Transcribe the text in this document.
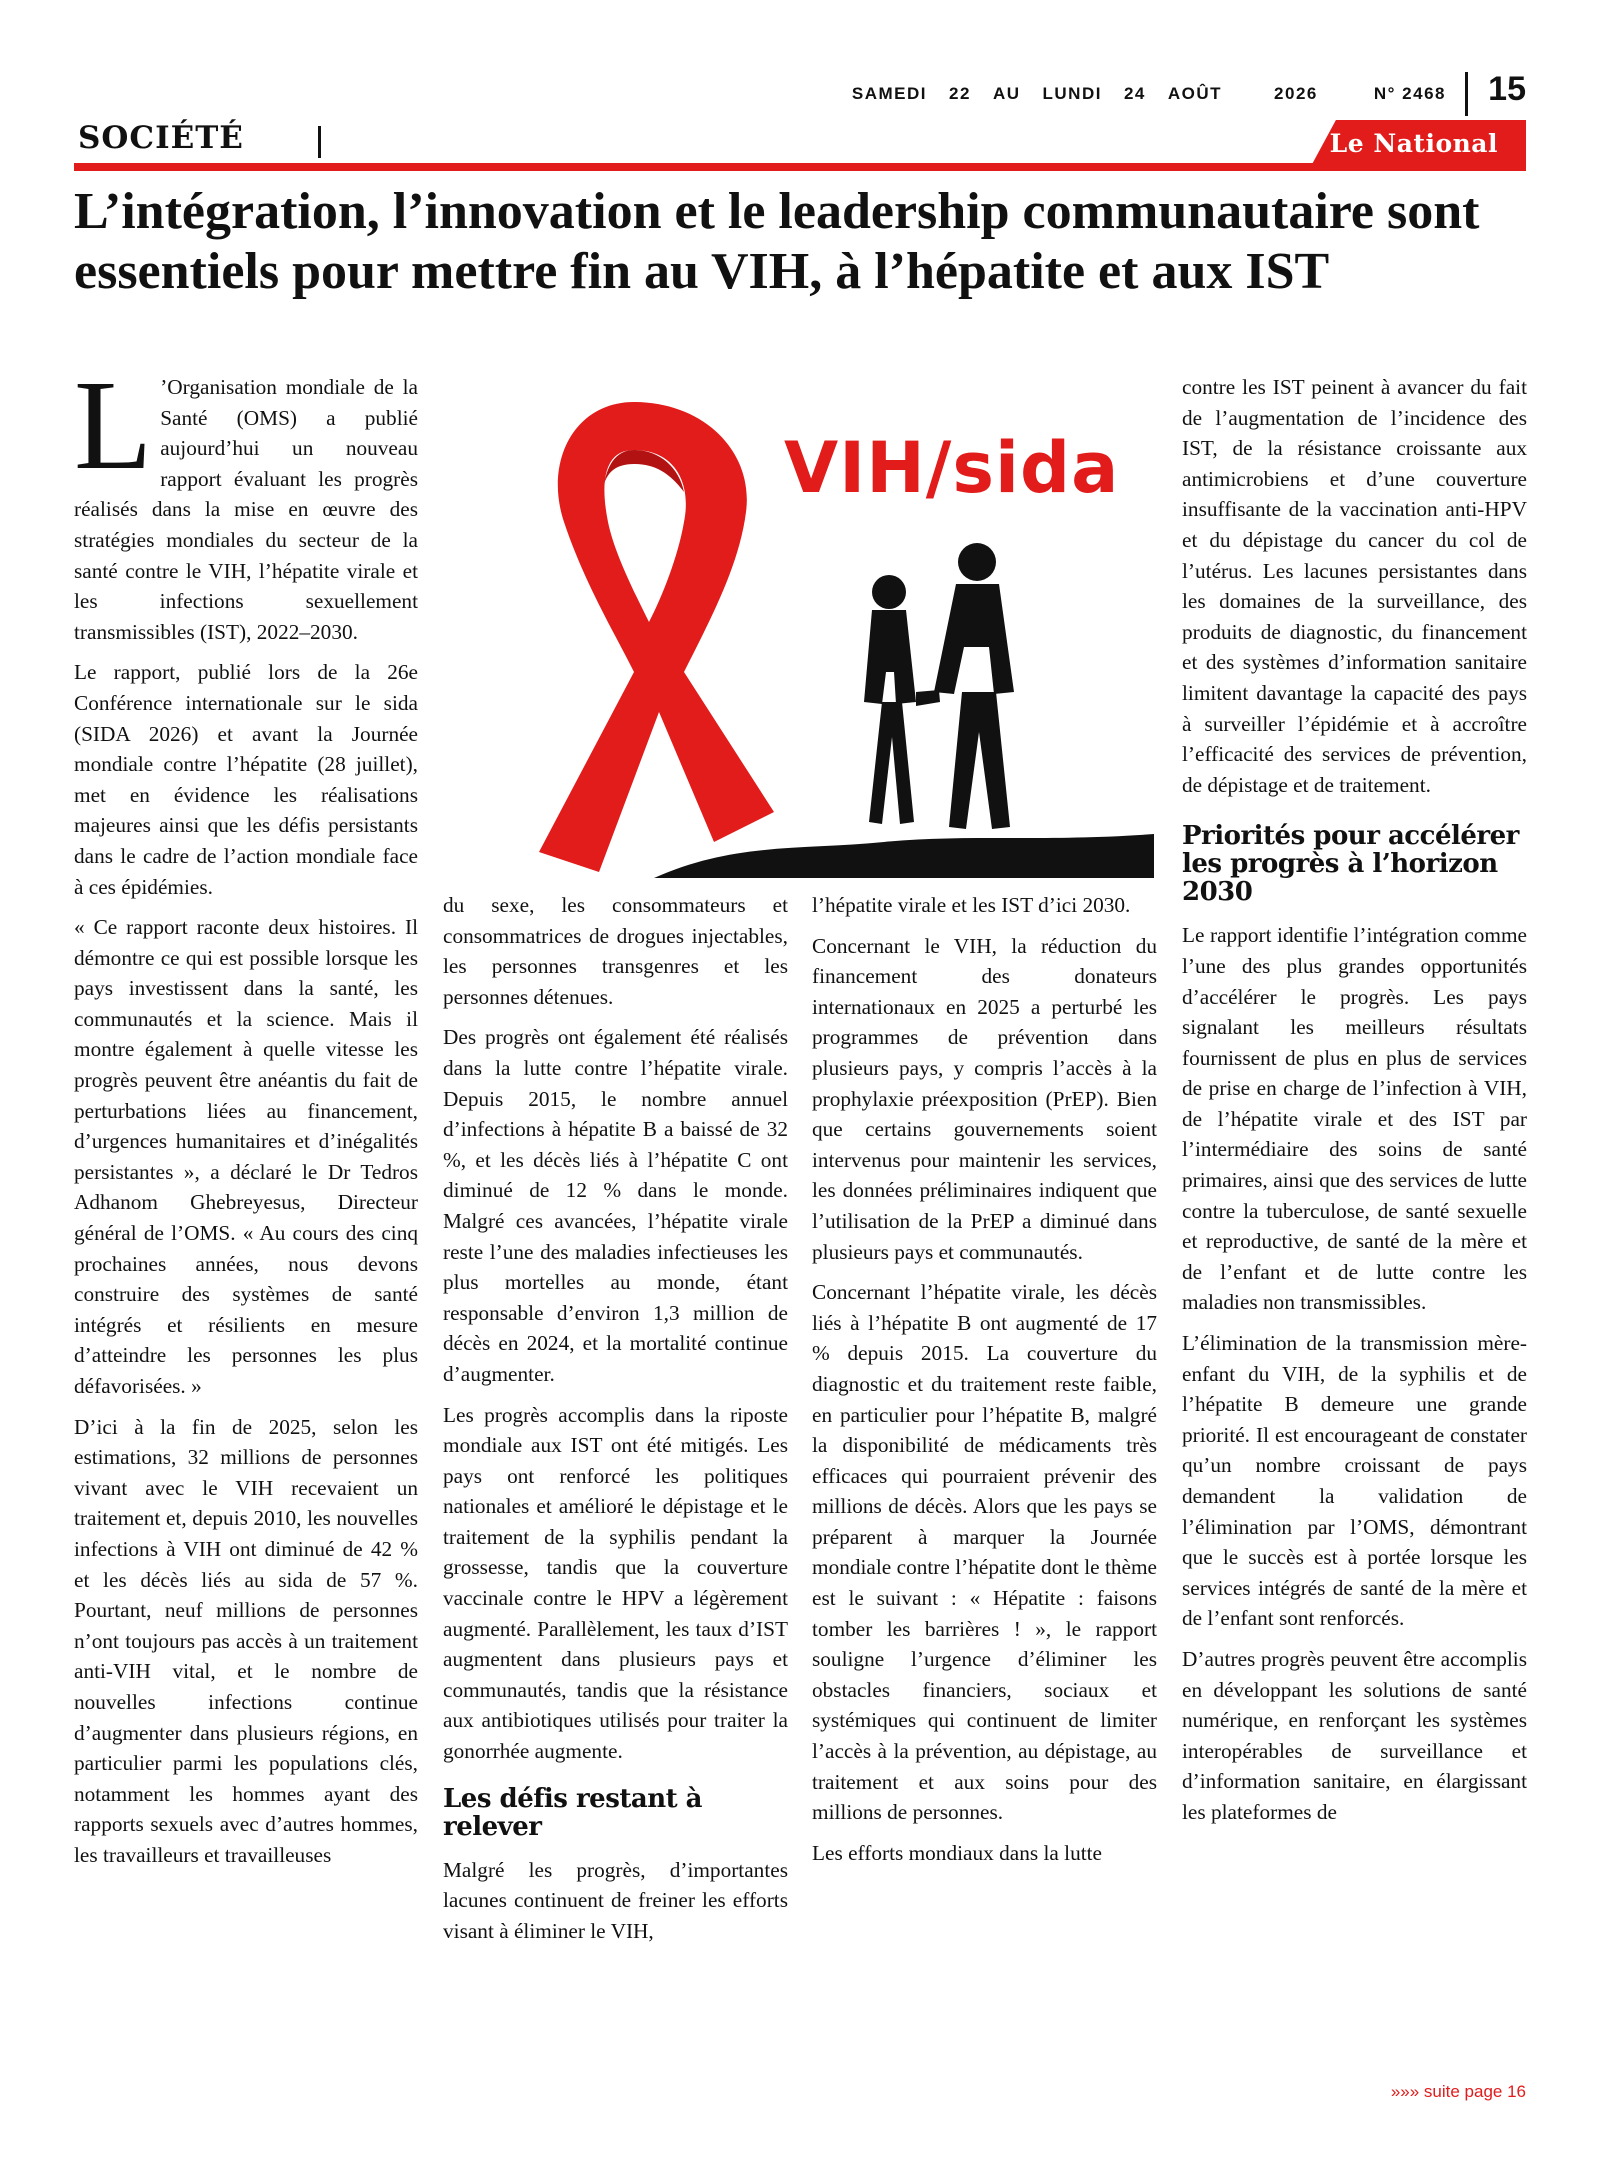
SAMEDI 22 AU LUNDI 24 AOÛT	2026	N° 2468 15
SOCIÉTÉ	Le National
L’intégration, l’innovation et le leadership communautaire sont essentiels pour mettre fin au VIH, à l’hépatite et aux IST

L ’Organisation mondiale de la Santé (OMS) a publié aujourd’hui un nouveau rapport évaluant les progrès réalisés dans la mise en œuvre des stratégies mondiales du secteur de la santé contre le VIH, l’hépatite virale et les infections sexuellement transmissibles (IST), 2022–2030.

Le rapport, publié lors de la 26e Conférence internationale sur le sida (SIDA 2026) et avant la Journée mondiale contre l’hépatite (28 juillet), met en évidence les réalisations majeures ainsi que les défis persistants dans le cadre de l’action mondiale face à ces épidémies.

« Ce rapport raconte deux histoires. Il démontre ce qui est possible lorsque les pays investissent dans la santé, les communautés et la science. Mais il montre également à quelle vitesse les progrès peuvent être anéantis du fait de perturbations liées au financement, d’urgences humanitaires et d’inégalités persistantes », a déclaré le Dr Tedros Adhanom Ghebreyesus, Directeur général de l’OMS. « Au cours des cinq prochaines années, nous devons construire des systèmes de santé intégrés et résilients en mesure d’atteindre les personnes les plus défavorisées. »

D’ici à la fin de 2025, selon les estimations, 32 millions de personnes vivant avec le VIH recevaient un traitement et, depuis 2010, les nouvelles infections à VIH ont diminué de 42 % et les décès liés au sida de 57 %. Pourtant, neuf millions de personnes n’ont toujours pas accès à un traitement anti-VIH vital, et le nombre de nouvelles infections continue d’augmenter dans plusieurs régions, en particulier parmi les populations clés, notamment les hommes ayant des rapports sexuels avec d’autres hommes, les travailleurs et travailleuses

VIH/sida

du sexe, les consommateurs et consommatrices de drogues injectables, les personnes transgenres et les personnes détenues.

Des progrès ont également été réalisés dans la lutte contre l’hépatite virale. Depuis 2015, le nombre annuel d’infections à hépatite B a baissé de 32 %, et les décès liés à l’hépatite C ont diminué de 12 % dans le monde. Malgré ces avancées, l’hépatite virale reste l’une des maladies infectieuses les plus mortelles au monde, étant responsable d’environ 1,3 million de décès en 2024, et la mortalité continue d’augmenter.

Les progrès accomplis dans la riposte mondiale aux IST ont été mitigés. Les pays ont renforcé les politiques nationales et amélioré le dépistage et le traitement de la syphilis pendant la grossesse, tandis que la couverture vaccinale contre le HPV a légèrement augmenté. Parallèlement, les taux d’IST augmentent dans plusieurs pays et communautés, tandis que la résistance aux antibiotiques utilisés pour traiter la gonorrhée augmente.

Les défis restant à relever

Malgré les progrès, d’importantes lacunes continuent de freiner les efforts visant à éliminer le VIH,

l’hépatite virale et les IST d’ici 2030.

Concernant le VIH, la réduction du financement des donateurs internationaux en 2025 a perturbé les programmes de prévention dans plusieurs pays, y compris l’accès à la prophylaxie préexposition (PrEP). Bien que certains gouvernements soient intervenus pour maintenir les services, les données préliminaires indiquent que l’utilisation de la PrEP a diminué dans plusieurs pays et communautés.

Concernant l’hépatite virale, les décès liés à l’hépatite B ont augmenté de 17 % depuis 2015. La couverture du diagnostic et du traitement reste faible, en particulier pour l’hépatite B, malgré la disponibilité de médicaments très efficaces qui pourraient prévenir des millions de décès. Alors que les pays se préparent à marquer la Journée mondiale contre l’hépatite dont le thème est le suivant : « Hépatite : faisons tomber les barrières ! », le rapport souligne l’urgence d’éliminer les obstacles financiers, sociaux et systémiques qui continuent de limiter l’accès à la prévention, au dépistage, au traitement et aux soins pour des millions de personnes.

Les efforts mondiaux dans la lutte

contre les IST peinent à avancer du fait de l’augmentation de l’incidence des IST, de la résistance croissante aux antimicrobiens et d’une couverture insuffisante de la vaccination anti-HPV et du dépistage du cancer du col de l’utérus. Les lacunes persistantes dans les domaines de la surveillance, des produits de diagnostic, du financement et des systèmes d’information sanitaire limitent davantage la capacité des pays à surveiller l’épidémie et à accroître l’efficacité des services de prévention, de dépistage et de traitement.

Priorités pour accélérer les progrès à l’horizon 2030

Le rapport identifie l’intégration comme l’une des plus grandes opportunités d’accélérer le progrès. Les pays signalant les meilleurs résultats fournissent de plus en plus de services de prise en charge de l’infection à VIH, de l’hépatite virale et des IST par l’intermédiaire des soins de santé primaires, ainsi que des services de lutte contre la tuberculose, de santé sexuelle et reproductive, de santé de la mère et de l’enfant et de lutte contre les maladies non transmissibles.

L’élimination de la transmission mère-enfant du VIH, de la syphilis et de l’hépatite B demeure une grande priorité. Il est encourageant de constater qu’un nombre croissant de pays demandent la validation de l’élimination par l’OMS, démontrant que le succès est à portée lorsque les services intégrés de santé de la mère et de l’enfant sont renforcés.

D’autres progrès peuvent être accomplis en développant les solutions de santé numérique, en renforçant les systèmes interopérables de surveillance et d’information sanitaire, en élargissant les plateformes de

»»» suite page 16
